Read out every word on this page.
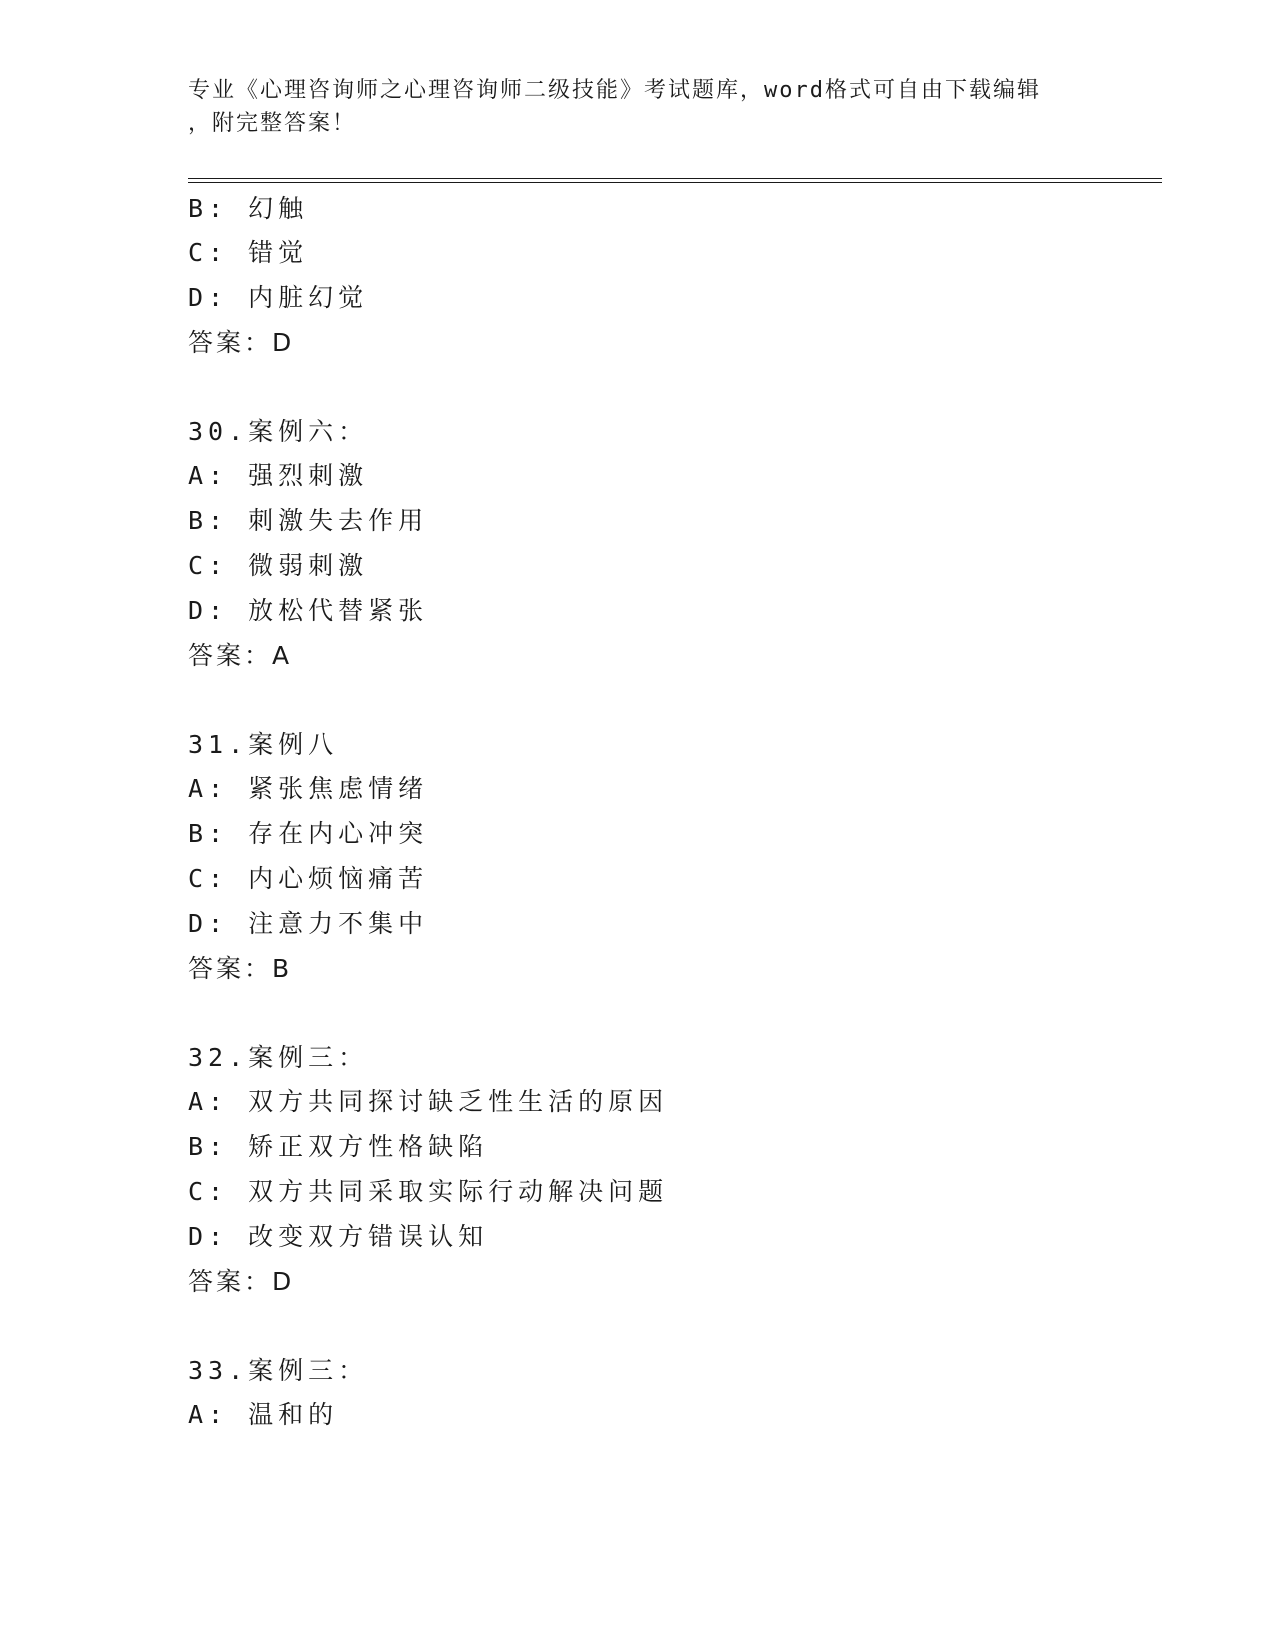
专业《心理咨询师之心理咨询师二级技能》考试题库，word格式可自由下载编辑
，附完整答案！
B: 幻触
C: 错觉
D: 内脏幻觉
答案：D
30.案例六：
A: 强烈刺激
B: 刺激失去作用
C: 微弱刺激
D: 放松代替紧张
答案：A
31.案例八
A: 紧张焦虑情绪
B: 存在内心冲突
C: 内心烦恼痛苦
D: 注意力不集中
答案：B
32.案例三：
A: 双方共同探讨缺乏性生活的原因
B: 矫正双方性格缺陷
C: 双方共同采取实际行动解决问题
D: 改变双方错误认知
答案：D
33.案例三：
A: 温和的
